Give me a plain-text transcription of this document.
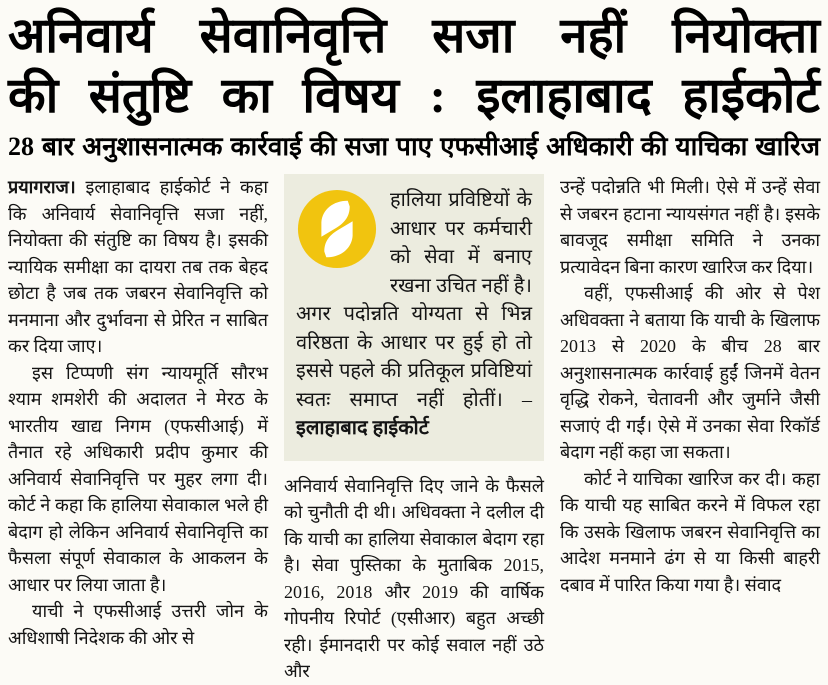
अनिवार्य सेवानिवृत्ति सजा नहीं नियोक्ता
की संतुष्टि का विषय : इलाहाबाद हाईकोर्ट
28 बार अनुशासनात्मक कार्रवाई की सजा पाए एफसीआई अधिकारी की याचिका खारिज

प्रयागराज। इलाहाबाद हाईकोर्ट ने कहा कि अनिवार्य सेवानिवृत्ति सजा नहीं, नियोक्ता की संतुष्टि का विषय है। इसकी न्यायिक समीक्षा का दायरा तब तक बेहद छोटा है जब तक जबरन सेवानिवृत्ति को मनमाना और दुर्भावना से प्रेरित न साबित कर दिया जाए।

इस टिप्पणी संग न्यायमूर्ति सौरभ श्याम शमशेरी की अदालत ने मेरठ के भारतीय खाद्य निगम (एफसीआई) में तैनात रहे अधिकारी प्रदीप कुमार की अनिवार्य सेवानिवृत्ति पर मुहर लगा दी। कोर्ट ने कहा कि हालिया सेवाकाल भले ही बेदाग हो लेकिन अनिवार्य सेवानिवृत्ति का फैसला संपूर्ण सेवाकाल के आकलन के आधार पर लिया जाता है।

याची ने एफसीआई उत्तरी जोन के अधिशाषी निदेशक की ओर से

हालिया प्रविष्टियों के आधार पर कर्मचारी को सेवा में बनाए रखना उचित नहीं है। अगर पदोन्नति योग्यता से भिन्न वरिष्ठता के आधार पर हुई हो तो इससे पहले की प्रतिकूल प्रविष्टियां स्वतः समाप्त नहीं होतीं। – इलाहाबाद हाईकोर्ट

अनिवार्य सेवानिवृत्ति दिए जाने के फैसले को चुनौती दी थी। अधिवक्ता ने दलील दी कि याची का हालिया सेवाकाल बेदाग रहा है। सेवा पुस्तिका के मुताबिक 2015, 2016, 2018 और 2019 की वार्षिक गोपनीय रिपोर्ट (एसीआर) बहुत अच्छी रही। ईमानदारी पर कोई सवाल नहीं उठे और

उन्हें पदोन्नति भी मिली। ऐसे में उन्हें सेवा से जबरन हटाना न्यायसंगत नहीं है। इसके बावजूद समीक्षा समिति ने उनका प्रत्यावेदन बिना कारण खारिज कर दिया।

वहीं, एफसीआई की ओर से पेश अधिवक्ता ने बताया कि याची के खिलाफ 2013 से 2020 के बीच 28 बार अनुशासनात्मक कार्रवाई हुईं जिनमें वेतन वृद्धि रोकने, चेतावनी और जुर्माने जैसी सजाएं दी गईं। ऐसे में उनका सेवा रिकॉर्ड बेदाग नहीं कहा जा सकता।

कोर्ट ने याचिका खारिज कर दी। कहा कि याची यह साबित करने में विफल रहा कि उसके खिलाफ जबरन सेवानिवृत्ति का आदेश मनमाने ढंग से या किसी बाहरी दबाव में पारित किया गया है। संवाद
